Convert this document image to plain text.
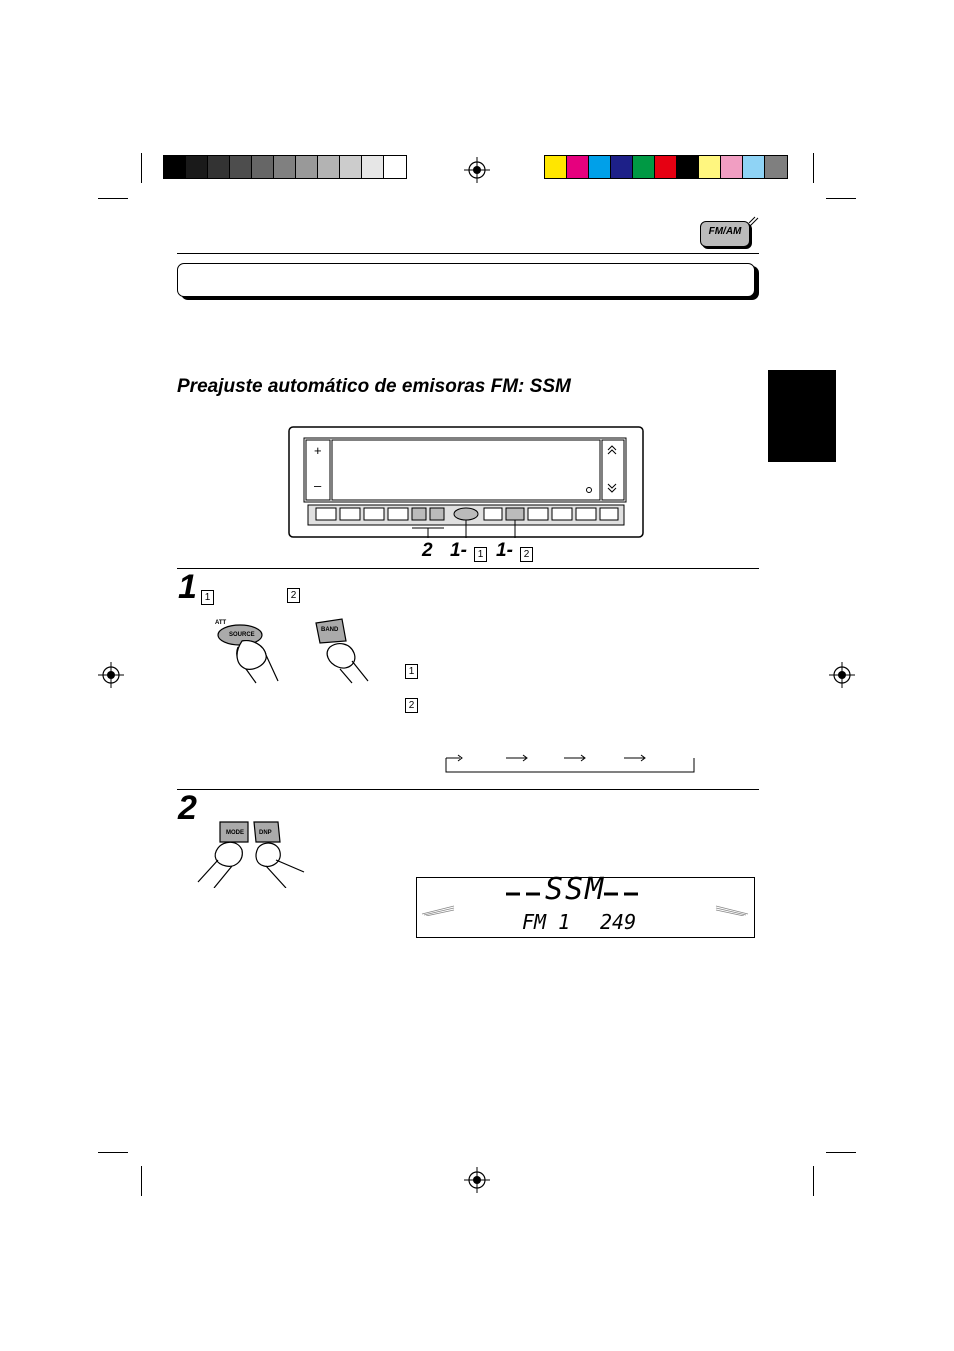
FM/AM
Preajuste automático de emisoras FM: SSM
+
–
2 1-	1 1-	2
1 1	2
ATT
SOURCE
BAND
1
2
2
MODE	DNP
SSM
FM 1 249
